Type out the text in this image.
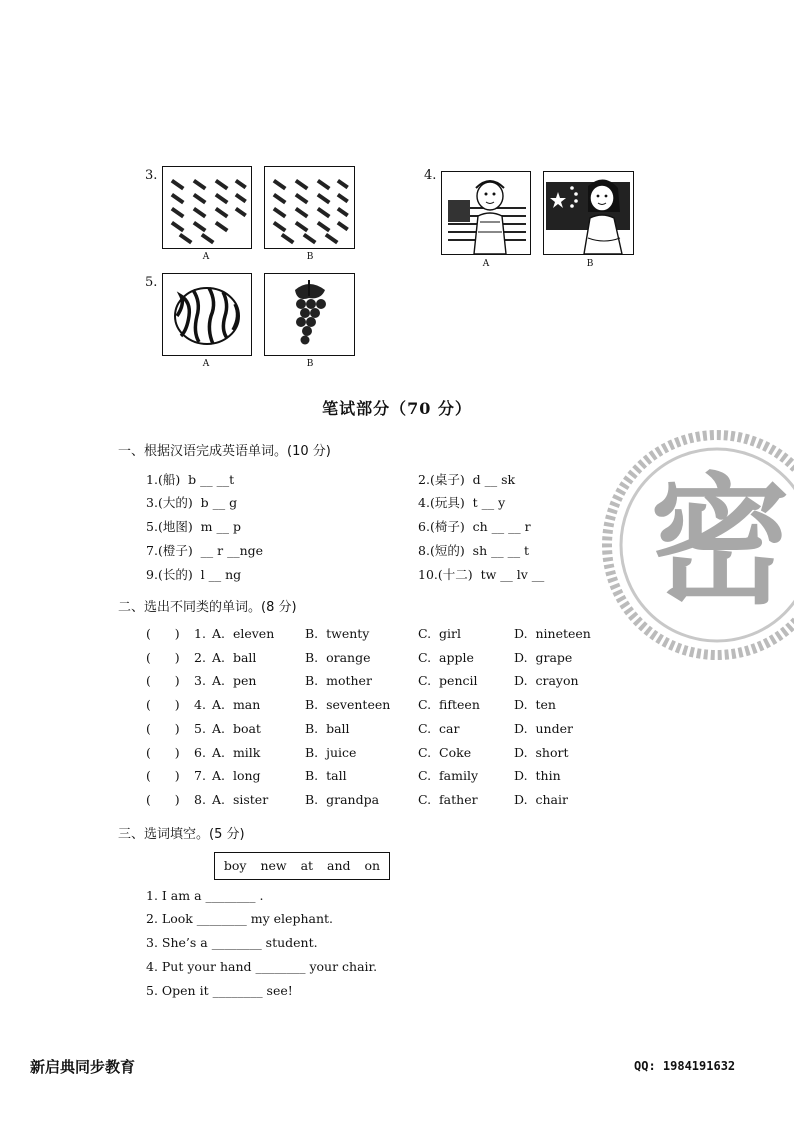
3.
A	B
4.
A	B
5.
A	B
密
笔试部分（70 分）
一、根据汉语完成英语单词。(10 分)
1.(船) b __ __t	2.(桌子) d __ sk
3.(大的) b __ g	4.(玩具) t __ y
5.(地图) m __ p	6.(椅子) ch __ __ r
7.(橙子) __ r __nge	8.(短的) sh __ __ t
9.(长的) l __ ng	10.(十二) tw __ lv __
二、选出不同类的单词。(8 分)
(      ) 1. A.  eleven B.  twenty	C.  girl	D.  nineteen
(      ) 2. A.  ball	B.  orange	C.  apple	D.  grape
(      ) 3. A.  pen	B.  mother	C.  pencil	D.  crayon
(      ) 4. A.  man	B.  seventeen C.  fifteen	D.  ten
(      ) 5. A.  boat	B.  ball	C.  car	D.  under
(      ) 6. A.  milk	B.  juice	C.  Coke	D.  short
(      ) 7. A.  long	B.  tall	C.  family	D.  thin
(      ) 8. A.  sister	B.  grandpa	C.  father	D.  chair
三、选词填空。(5 分)
boy new at and on
1. I am a ________ .
2. Look ________ my elephant.
3. She’s a ________ student.
4. Put your hand ________ your chair.
5. Open it ________ see!
新启典同步教育	QQ: 1984191632
